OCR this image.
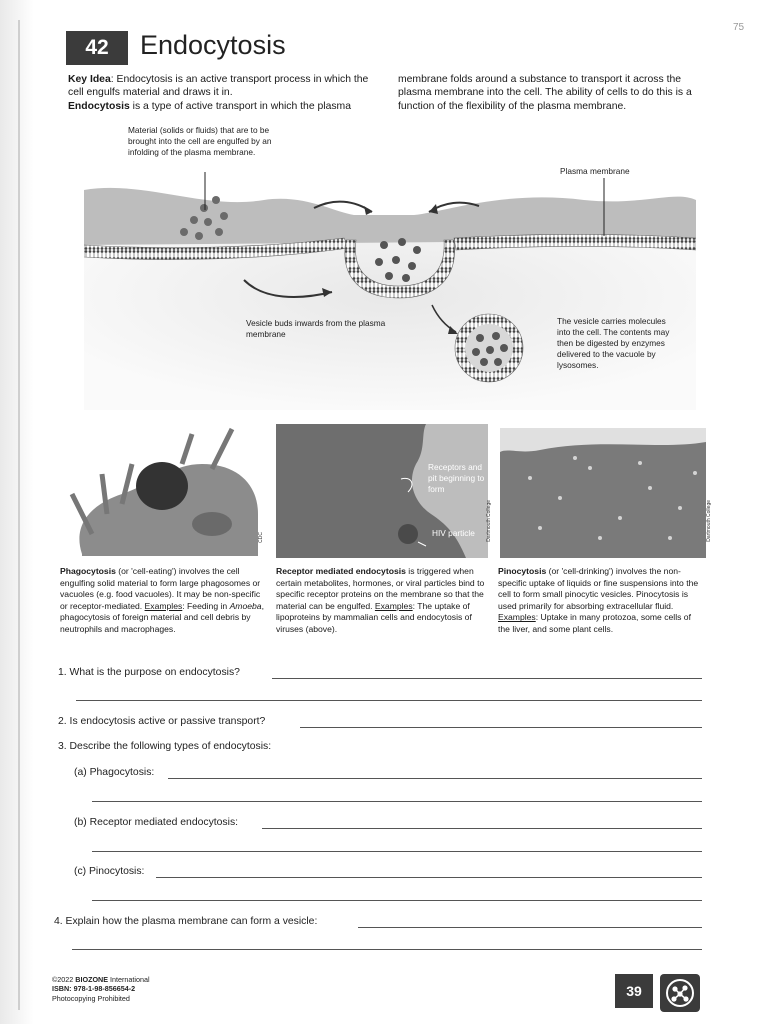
75
42	Endocytosis
Key Idea: Endocytosis is an active transport process in which the cell engulfs material and draws it in.
Endocytosis is a type of active transport in which the plasma
membrane folds around a substance to transport it across the plasma membrane into the cell. The ability of cells to do this is a function of the flexibility of the plasma membrane.
Material (solids or fluids) that are to be brought into the cell are engulfed by an infolding of the plasma membrane.
Plasma membrane
Vesicle buds inwards from the plasma membrane
The vesicle carries molecules into the cell. The contents may then be digested by enzymes delivered to the vacuole by lysosomes.
CDC
Receptors and pit beginning to form
HIV particle	Dartmouth College	Dartmouth College
Phagocytosis (or 'cell-eating') involves the cell engulfing solid material to form large phagosomes or vacuoles (e.g. food vacuoles). It may be non-specific or receptor-mediated. Examples: Feeding in Amoeba, phagocytosis of foreign material and cell debris by neutrophils and macrophages.
Receptor mediated endocytosis is triggered when certain metabolites, hormones, or viral particles bind to specific receptor proteins on the membrane so that the material can be engulfed. Examples: The uptake of lipoproteins by mammalian cells and endocytosis of viruses (above).
Pinocytosis (or 'cell-drinking') involves the non-specific uptake of liquids or fine suspensions into the cell to form small pinocytic vesicles. Pinocytosis is used primarily for absorbing extracellular fluid. Examples: Uptake in many protozoa, some cells of the liver, and some plant cells.
1. What is the purpose on endocytosis?
2. Is endocytosis active or passive transport?
3. Describe the following types of endocytosis:
(a) Phagocytosis:
(b) Receptor mediated endocytosis:
(c) Pinocytosis:
4. Explain how the plasma membrane can form a vesicle:
©2022 BIOZONE International
ISBN: 978-1-98-856654-2
Photocopying Prohibited	39
